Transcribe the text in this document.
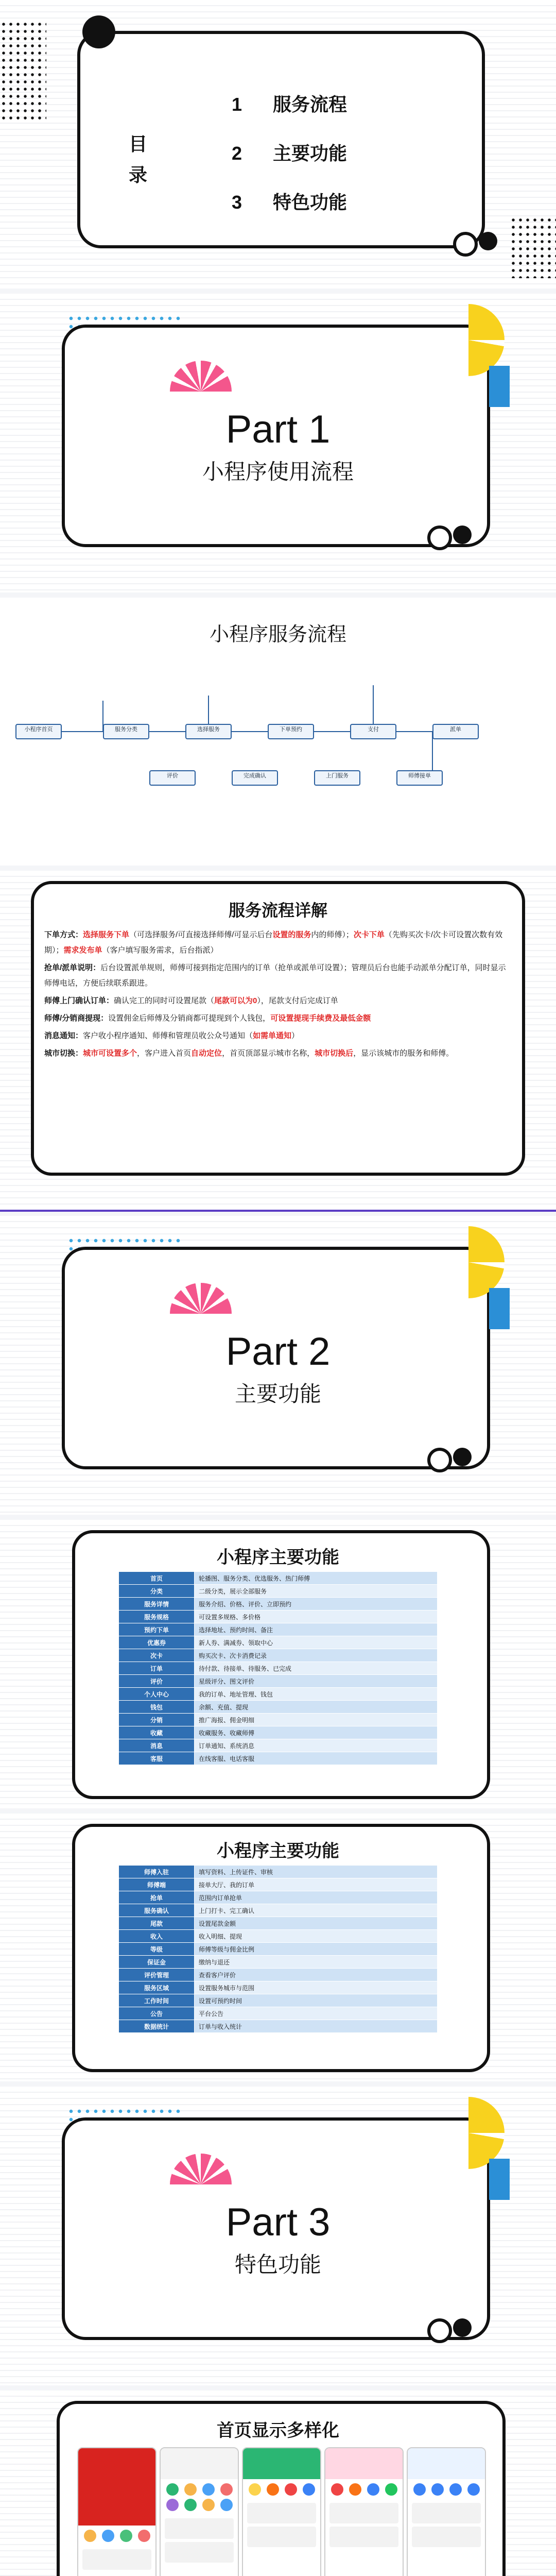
目录
1 服务流程
2 主要功能
3 特色功能
Part 1
小程序使用流程
小程序服务流程
小程序首页	服务分类	选择服务	下单预约	支付	派单
师傅接单
上门服务
完成确认
评价
服务流程详解

下单方式：选择服务下单（可选择服务/可直接选择师傅/可显示后台设置的服务内的师傅）；次卡下单（先购买次卡/次卡可设置次数有效期）；需求发布单（客户填写服务需求，后台指派）

抢单/派单说明：后台设置派单规则，师傅可接到指定范围内的订单（抢单或派单可设置）；管理员后台也能手动派单分配订单，同时显示师傅电话，方便后续联系跟进。

师傅上门确认订单：确认完工的同时可设置尾款（尾款可以为0），尾款支付后完成订单

师傅/分销商提现：设置佣金后师傅及分销商都可提现到个人钱包，可设置提现手续费及最低金额

消息通知：客户收小程序通知、师傅和管理员收公众号通知（如需单通知）

城市切换：城市可设置多个，客户进入首页自动定位，首页顶部显示城市名称，城市切换后，显示该城市的服务和师傅。

Part 2
主要功能
小程序主要功能
首页	轮播图、服务分类、优选服务、热门师傅
分类	二级分类，展示全部服务
服务详情	服务介绍、价格、评价、立即预约
服务规格	可设置多规格、多价格
预约下单	选择地址、预约时间、备注
优惠券	新人券、满减券、领取中心
次卡	购买次卡、次卡消费记录
订单	待付款、待接单、待服务、已完成
评价	星级评分、图文评价
个人中心	我的订单、地址管理、钱包
钱包	余额、充值、提现
分销	推广海报、佣金明细
收藏	收藏服务、收藏师傅
消息	订单通知、系统消息
客服	在线客服、电话客服
小程序主要功能
师傅入驻	填写资料、上传证件、审核
师傅端	接单大厅、我的订单
抢单	范围内订单抢单
服务确认	上门打卡、完工确认
尾款	设置尾款金额
收入	收入明细、提现
等级	师傅等级与佣金比例
保证金	缴纳与退还
评价管理	查看客户评价
服务区域	设置服务城市与范围
工作时间	设置可预约时间
公告	平台公告
数据统计	订单与收入统计
Part 3
特色功能
首页显示多样化
